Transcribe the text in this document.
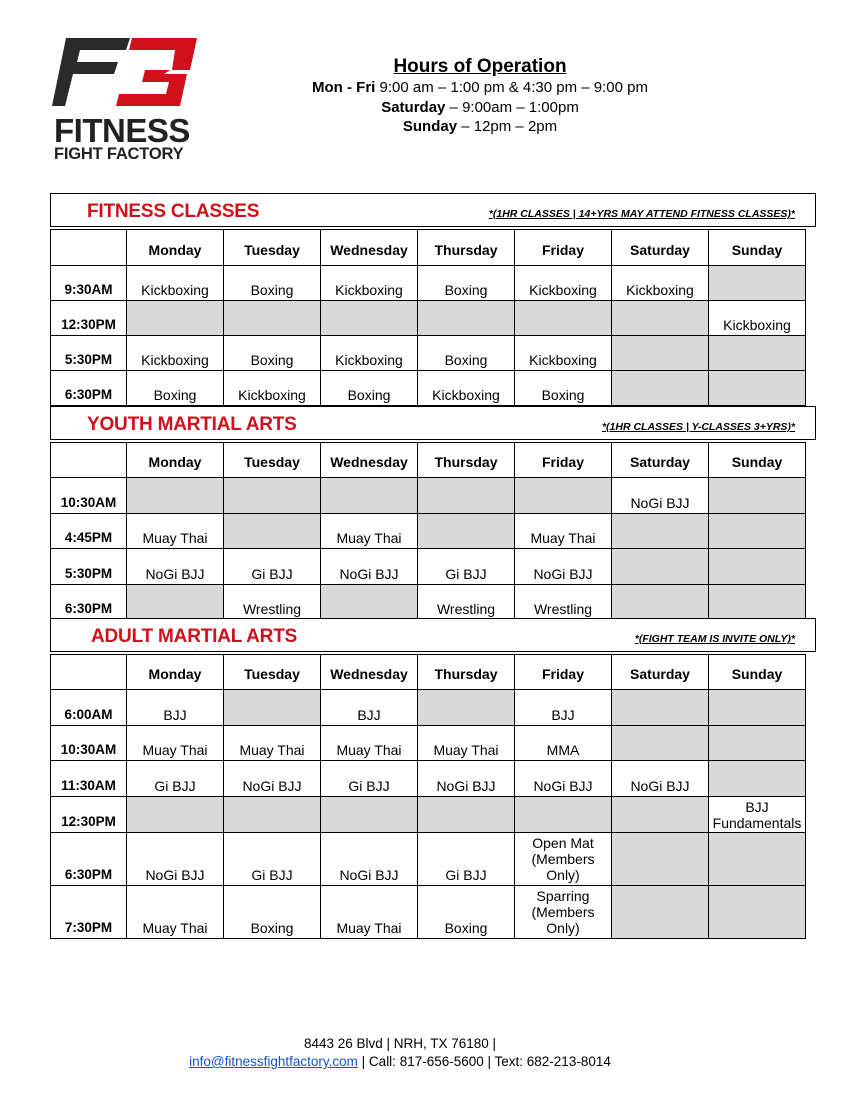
FITNESS
FIGHT FACTORY
Hours of Operation
Mon - Fri 9:00 am – 1:00 pm & 4:30 pm – 9:00 pm
Saturday – 9:00am – 1:00pm
Sunday – 12pm – 2pm
FITNESS CLASSES	*(1HR CLASSES | 14+YRS MAY ATTEND FITNESS CLASSES)*
	Monday	Tuesday	Wednesday	Thursday	Friday	Saturday	Sunday
9:30AM	Kickboxing	Boxing	Kickboxing	Boxing	Kickboxing	Kickboxing	
12:30PM							Kickboxing
5:30PM	Kickboxing	Boxing	Kickboxing	Boxing	Kickboxing		
6:30PM	Boxing	Kickboxing	Boxing	Kickboxing	Boxing		
YOUTH MARTIAL ARTS	*(1HR CLASSES | Y-CLASSES 3+YRS)*
	Monday	Tuesday	Wednesday	Thursday	Friday	Saturday	Sunday
10:30AM						NoGi BJJ	
4:45PM	Muay Thai		Muay Thai		Muay Thai		
5:30PM	NoGi BJJ	Gi BJJ	NoGi BJJ	Gi BJJ	NoGi BJJ		
6:30PM		Wrestling		Wrestling	Wrestling		
ADULT MARTIAL ARTS	*(FIGHT TEAM IS INVITE ONLY)*
	Monday	Tuesday	Wednesday	Thursday	Friday	Saturday	Sunday
6:00AM	BJJ		BJJ		BJJ		
10:30AM	Muay Thai	Muay Thai	Muay Thai	Muay Thai	MMA		
11:30AM	Gi BJJ	NoGi BJJ	Gi BJJ	NoGi BJJ	NoGi BJJ	NoGi BJJ	
12:30PM							BJJ Fundamentals
6:30PM	NoGi BJJ	Gi BJJ	NoGi BJJ	Gi BJJ	Open Mat (Members Only)		
7:30PM	Muay Thai	Boxing	Muay Thai	Boxing	Sparring (Members Only)		
8443 26 Blvd | NRH, TX 76180 |
info@fitnessfightfactory.com | Call: 817-656-5600 | Text: 682-213-8014
